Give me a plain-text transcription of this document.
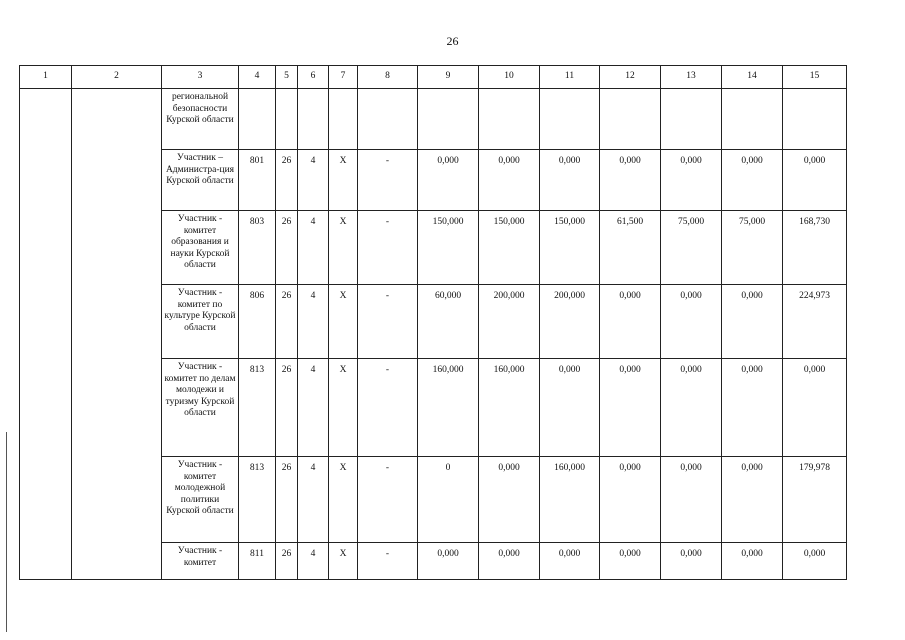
26
1	2	3	4	5	6	7	8	9	10	11	12	13	14	15
		региональной безопасности Курской области												
		Участник – Администра-ция Курской области	801	26	4	Х	-	0,000	0,000	0,000	0,000	0,000	0,000	0,000
		Участник - комитет образования и науки Курской области	803	26	4	Х	-	150,000	150,000	150,000	61,500	75,000	75,000	168,730
		Участник - комитет по культуре Курской области	806	26	4	Х	-	60,000	200,000	200,000	0,000	0,000	0,000	224,973
		Участник - комитет по делам молодежи и туризму Курской области	813	26	4	Х	-	160,000	160,000	0,000	0,000	0,000	0,000	0,000
		Участник - комитет молодежной политики Курской области	813	26	4	Х	-	0	0,000	160,000	0,000	0,000	0,000	179,978
		Участник - комитет	811	26	4	Х	-	0,000	0,000	0,000	0,000	0,000	0,000	0,000
